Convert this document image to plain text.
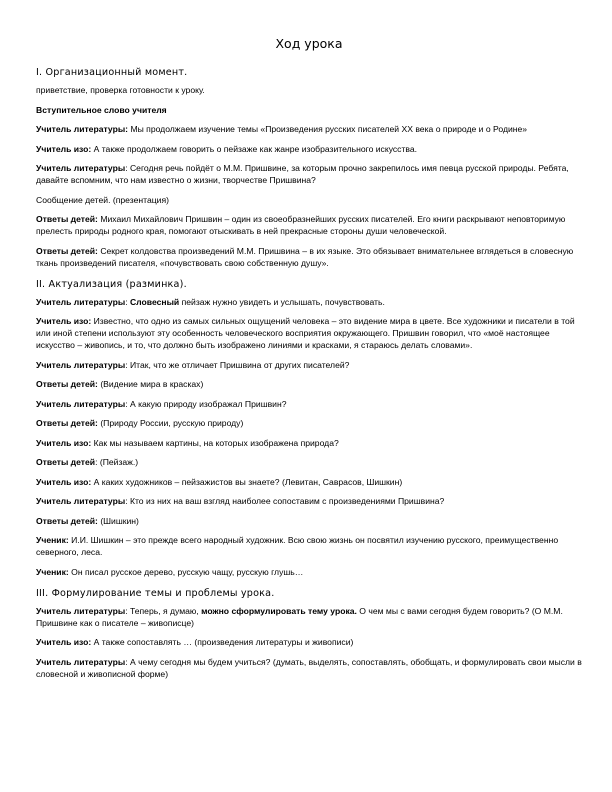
Ход урока
I. Организационный момент.

приветствие, проверка готовности к уроку.

Вступительное слово учителя

Учитель литературы: Мы продолжаем изучение темы «Произведения русских писателей XX века о природе и о Родине»

Учитель изо: А также продолжаем говорить о пейзаже как жанре изобразительного искусства.

Учитель литературы: Сегодня речь пойдёт о М.М. Пришвине, за которым прочно закрепилось имя певца русской природы. Ребята, давайте вспомним, что нам известно о жизни, творчестве Пришвина?

Сообщение детей. (презентация)

Ответы детей: Михаил Михайлович Пришвин – один из своеобразнейших русских писателей. Его книги раскрывают неповторимую прелесть природы родного края, помогают отыскивать в ней прекрасные стороны души человеческой.

Ответы детей: Секрет колдовства произведений М.М. Пришвина – в их языке. Это обязывает внимательнее вглядеться в словесную ткань произведений писателя, «почувствовать свою собственную душу».

II. Актуализация (разминка).

Учитель литературы: Словесный пейзаж нужно увидеть и услышать, почувствовать.

Учитель изо: Известно, что одно из самых сильных ощущений человека – это видение мира в цвете. Все художники и писатели в той или иной степени используют эту особенность человеческого восприятия окружающего. Пришвин говорил, что «моё настоящее искусство – живопись, и то, что должно быть изображено линиями и красками, я стараюсь делать словами».

Учитель литературы: Итак, что же отличает Пришвина от других писателей?

Ответы детей: (Видение мира в красках)

Учитель литературы: А какую природу изображал Пришвин?

Ответы детей: (Природу России, русскую природу)

Учитель изо: Как мы называем картины, на которых изображена природа?

Ответы детей: (Пейзаж.)

Учитель изо: А каких художников – пейзажистов вы знаете? (Левитан, Саврасов, Шишкин)

Учитель литературы: Кто из них на ваш взгляд наиболее сопоставим с произведениями Пришвина?

Ответы детей: (Шишкин)

Ученик: И.И. Шишкин – это прежде всего народный художник. Всю свою жизнь он посвятил изучению русского, преимущественно северного, леса.

Ученик: Он писал русское дерево, русскую чащу, русскую глушь…

III. Формулирование темы и проблемы урока.

Учитель литературы: Теперь, я думаю, можно сформулировать тему урока. О чем мы с вами сегодня будем говорить? (О М.М. Пришвине как о писателе – живописце)

Учитель изо: А также сопоставлять … (произведения литературы и живописи)

Учитель литературы: А чему сегодня мы будем учиться? (думать, выделять, сопоставлять, обобщать, и формулировать свои мысли в словесной и живописной форме)
